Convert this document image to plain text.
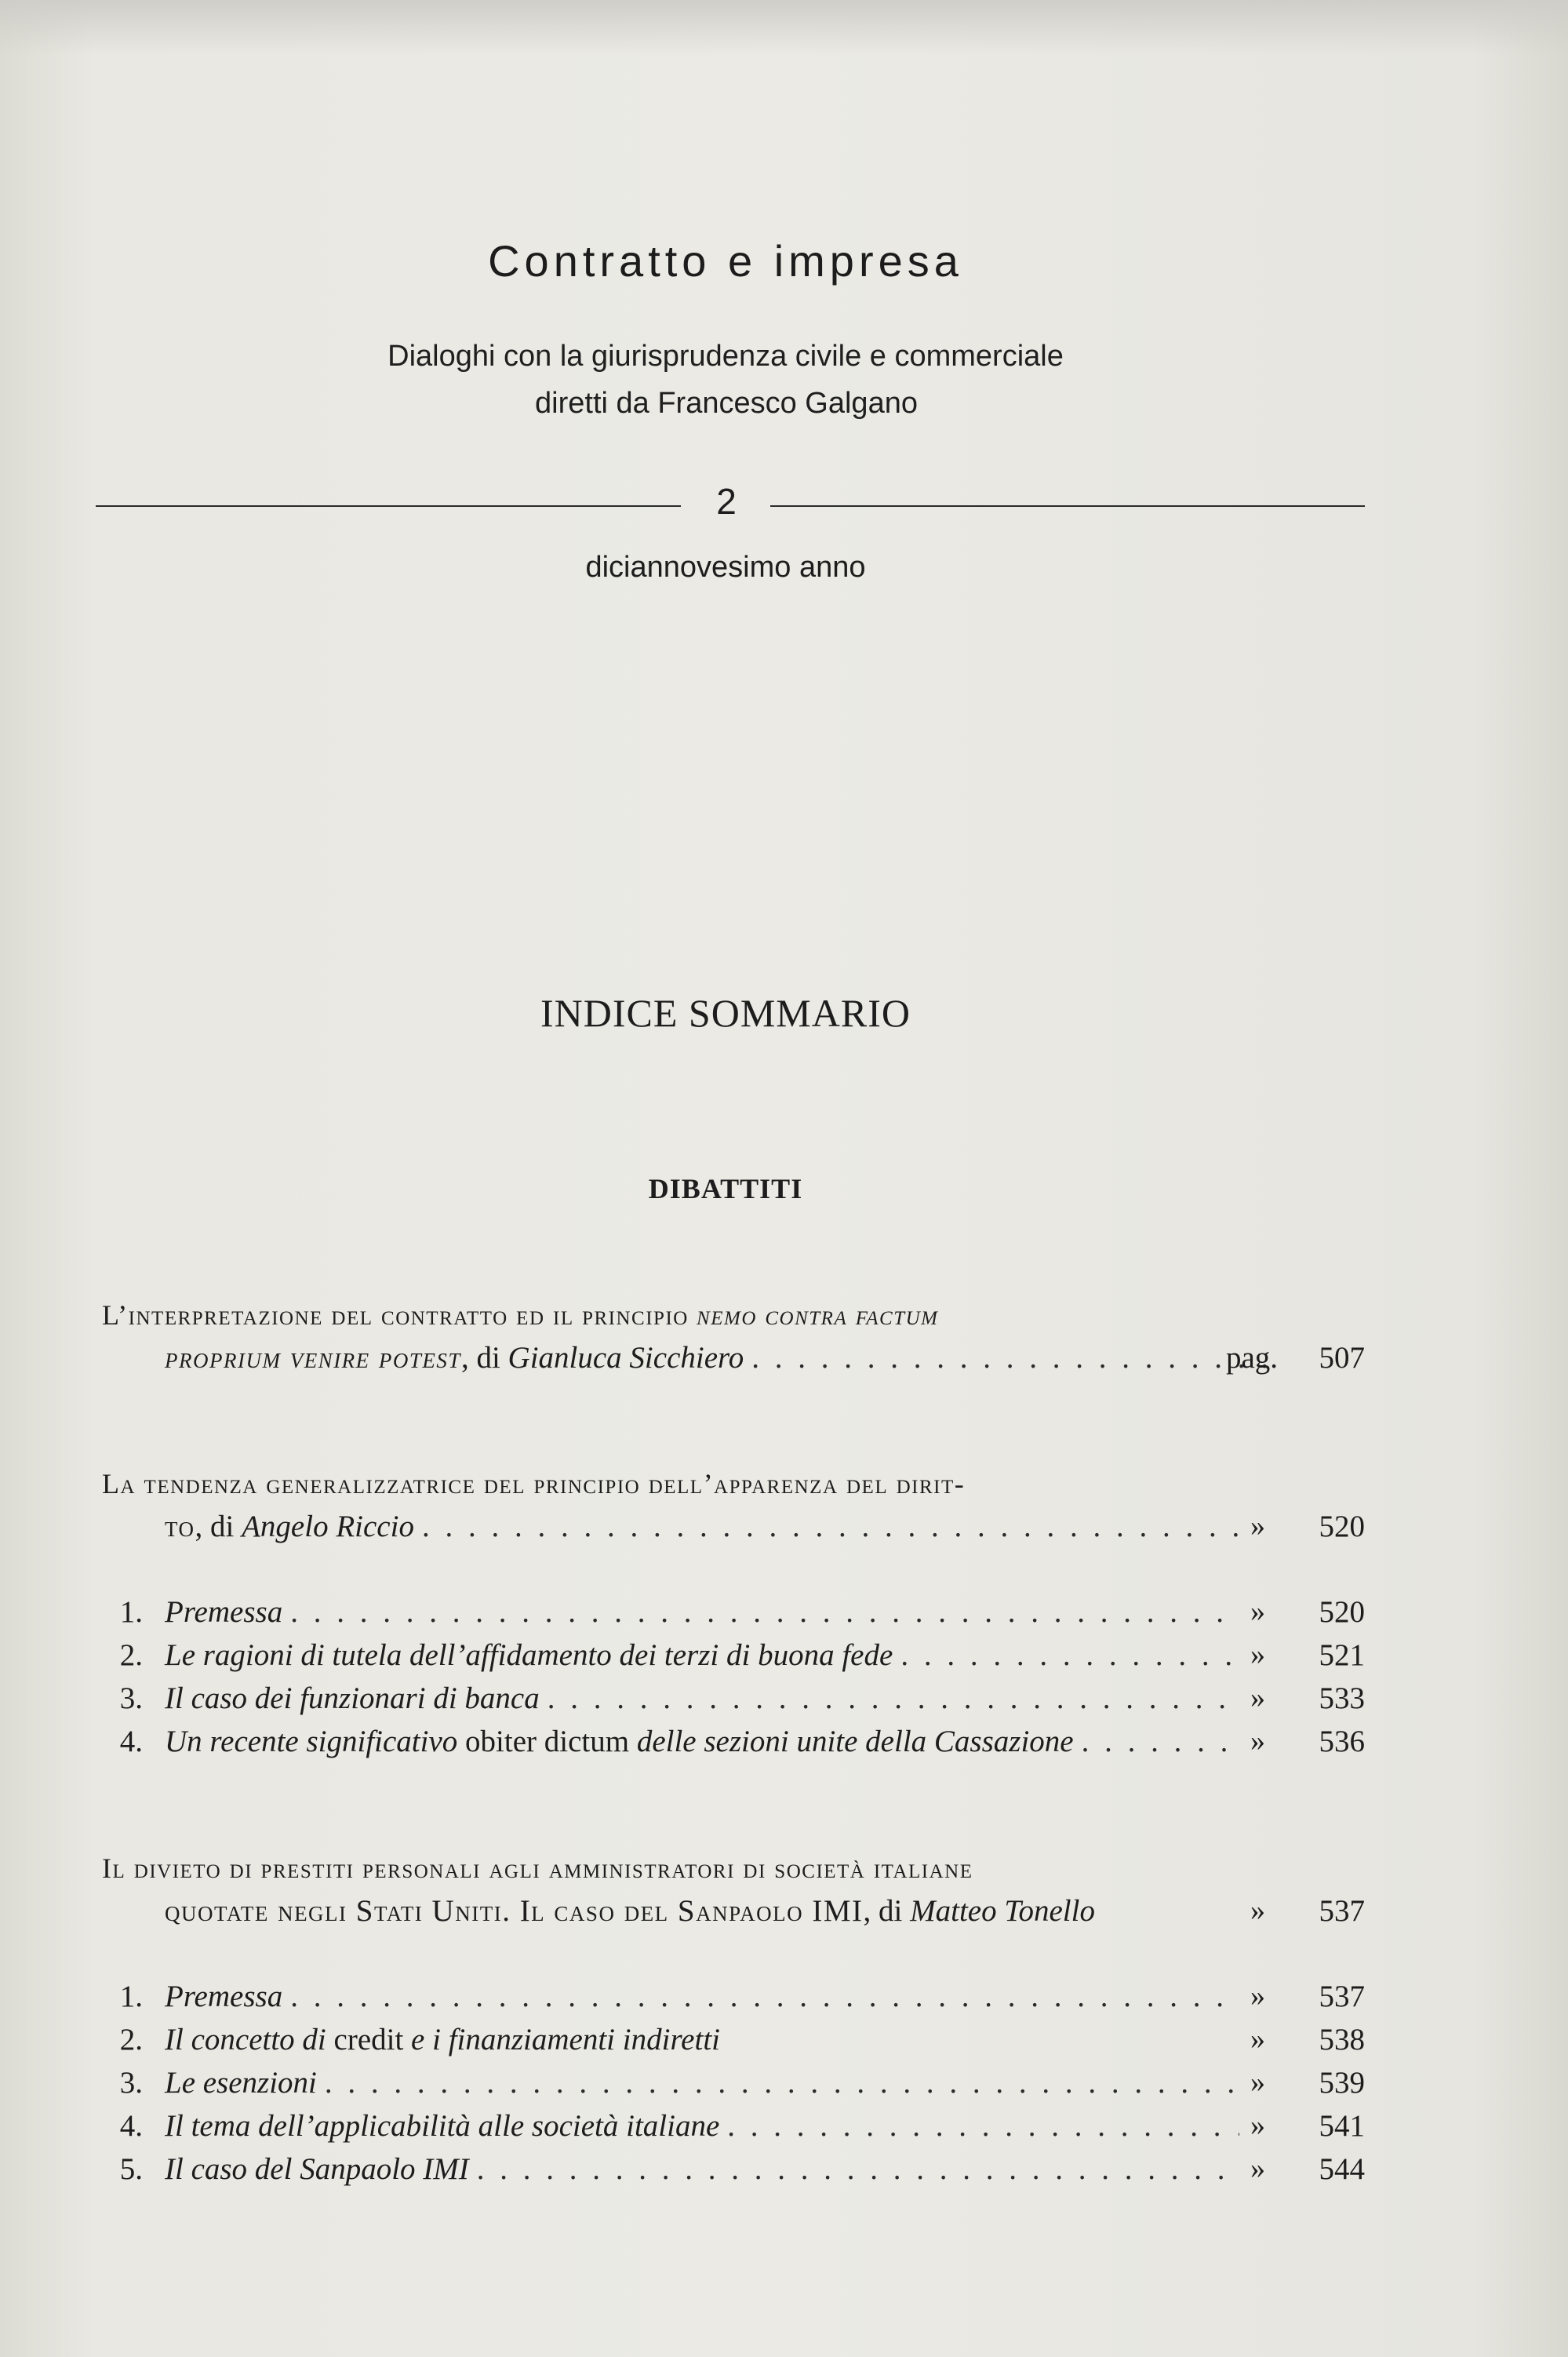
Contratto e impresa
Dialoghi con la giurisprudenza civile e commerciale
diretti da Francesco Galgano
2
diciannovesimo anno
INDICE SOMMARIO
DIBATTITI
L’interpretazione del contratto ed il principio nemo contra factum
proprium venire potest, di Gianluca Sicchiero . . .	pag.	507
La tendenza generalizzatrice del principio dell’apparenza del dirit-
to, di Angelo Riccio . . .	»	520
1. Premessa . . .	»	520
2. Le ragioni di tutela dell’affidamento dei terzi di buona fede . . .	»	521
3. Il caso dei funzionari di banca . . .	»	533
4. Un recente significativo obiter dictum delle sezioni unite della Cassazione . . .	»	536
Il divieto di prestiti personali agli amministratori di società italiane
quotate negli Stati Uniti. Il caso del Sanpaolo IMI, di Matteo Tonello	»	537
1. Premessa . . .	»	537
2. Il concetto di credit e i finanziamenti indiretti	»	538
3. Le esenzioni . . .	»	539
4. Il tema dell’applicabilità alle società italiane . . .	»	541
5. Il caso del Sanpaolo IMI . . .	»	544
